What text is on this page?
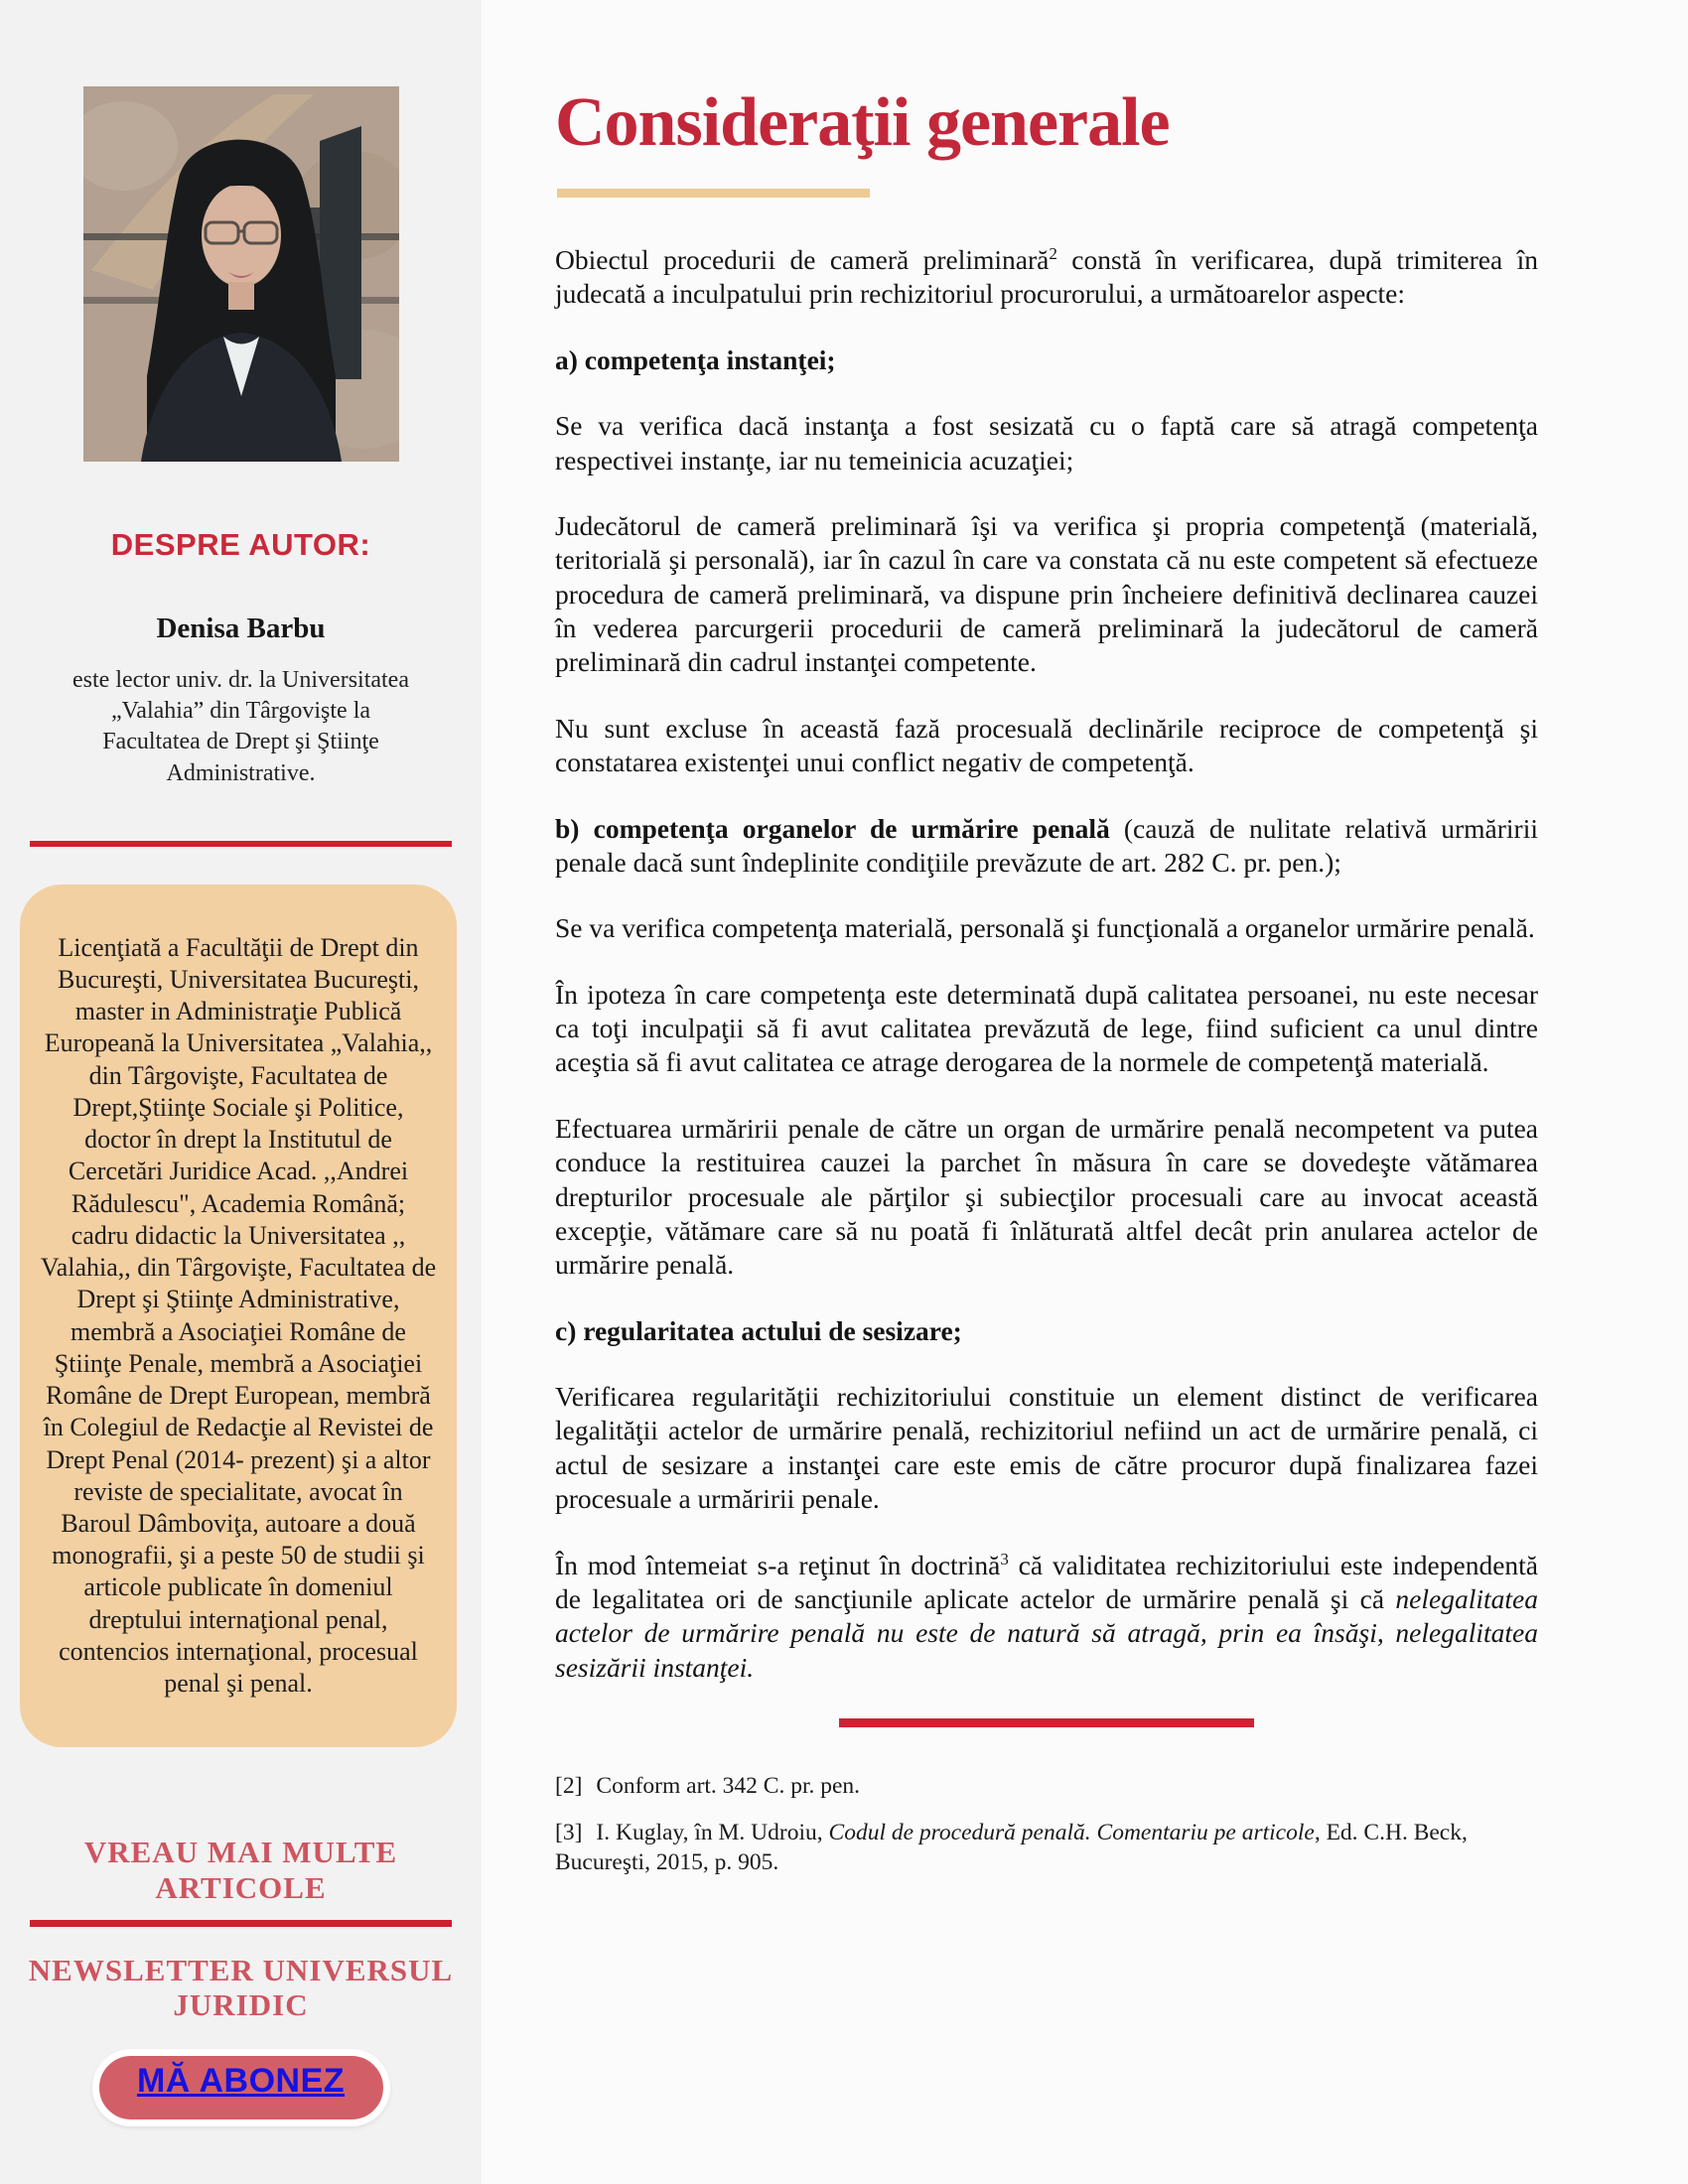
DESPRE AUTOR:
Denisa Barbu

este lector univ. dr. la Universitatea „Valahia” din Târgovişte la Facultatea de Drept şi Ştiinţe Administrative.

Licenţiată a Facultăţii de Drept din Bucureşti, Universitatea Bucureşti, master in Administraţie Publică Europeană la Universitatea „Valahia,, din Târgovişte, Facultatea de Drept,Ştiinţe Sociale şi Politice, doctor în drept la Institutul de Cercetări Juridice Acad. ,,Andrei Rădulescu", Academia Română; cadru didactic la Universitatea ,, Valahia,, din Târgovişte, Facultatea de Drept şi Ştiinţe Administrative, membră a Asociaţiei Române de Ştiinţe Penale, membră a Asociaţiei Române de Drept European, membră în Colegiul de Redacţie al Revistei de Drept Penal (2014- prezent) şi a altor reviste de specialitate, avocat în Baroul Dâmboviţa, autoare a două monografii, şi a peste 50 de studii şi articole publicate în domeniul dreptului internaţional penal, contencios internaţional, procesual penal şi penal.

VREAU MAI MULTE ARTICOLE
NEWSLETTER UNIVERSUL JURIDIC
MĂ ABONEZ
Consideraţii generale

Obiectul procedurii de cameră preliminară$^2$ constă în verificarea, după trimiterea în judecată a inculpatului prin rechizitoriul procurorului, a următoarelor aspecte:

a) competenţa instanţei;

Se va verifica dacă instanţa a fost sesizată cu o faptă care să atragă competenţa respectivei instanţe, iar nu temeinicia acuzaţiei;

Judecătorul de cameră preliminară îşi va verifica şi propria competenţă (materială, teritorială şi personală), iar în cazul în care va constata că nu este competent să efectueze procedura de cameră preliminară, va dispune prin încheiere definitivă declinarea cauzei în vederea parcurgerii procedurii de cameră preliminară la judecătorul de cameră preliminară din cadrul instanţei competente.

Nu sunt excluse în această fază procesuală declinările reciproce de competenţă şi constatarea existenţei unui conflict negativ de competenţă.

b) competenţa organelor de urmărire penală (cauză de nulitate relativă urmăririi penale dacă sunt îndeplinite condiţiile prevăzute de art. 282 C. pr. pen.);

Se va verifica competenţa materială, personală şi funcţională a organelor urmărire penală.

În ipoteza în care competenţa este determinată după calitatea persoanei, nu este necesar ca toţi inculpaţii să fi avut calitatea prevăzută de lege, fiind suficient ca unul dintre aceştia să fi avut calitatea ce atrage derogarea de la normele de competenţă materială.

Efectuarea urmăririi penale de către un organ de urmărire penală necompetent va putea conduce la restituirea cauzei la parchet în măsura în care se dovedeşte vătămarea drepturilor procesuale ale părţilor şi subiecţilor procesuali care au invocat această excepţie, vătămare care să nu poată fi înlăturată altfel decât prin anularea actelor de urmărire penală.

c) regularitatea actului de sesizare;

Verificarea regularităţii rechizitoriului constituie un element distinct de verificarea legalităţii actelor de urmărire penală, rechizitoriul nefiind un act de urmărire penală, ci actul de sesizare a instanţei care este emis de către procuror după finalizarea fazei procesuale a urmăririi penale.

În mod întemeiat s-a reţinut în doctrină$^3$ că validitatea rechizitoriului este independentă de legalitatea ori de sancţiunile aplicate actelor de urmărire penală şi că nelegalitatea actelor de urmărire penală nu este de natură să atragă, prin ea însăşi, nelegalitatea sesizării instanţei.

[2] Conform art. 342 C. pr. pen.

[3] I. Kuglay, în M. Udroiu, Codul de procedură penală. Comentariu pe articole, Ed. C.H. Beck, Bucureşti, 2015, p. 905.
